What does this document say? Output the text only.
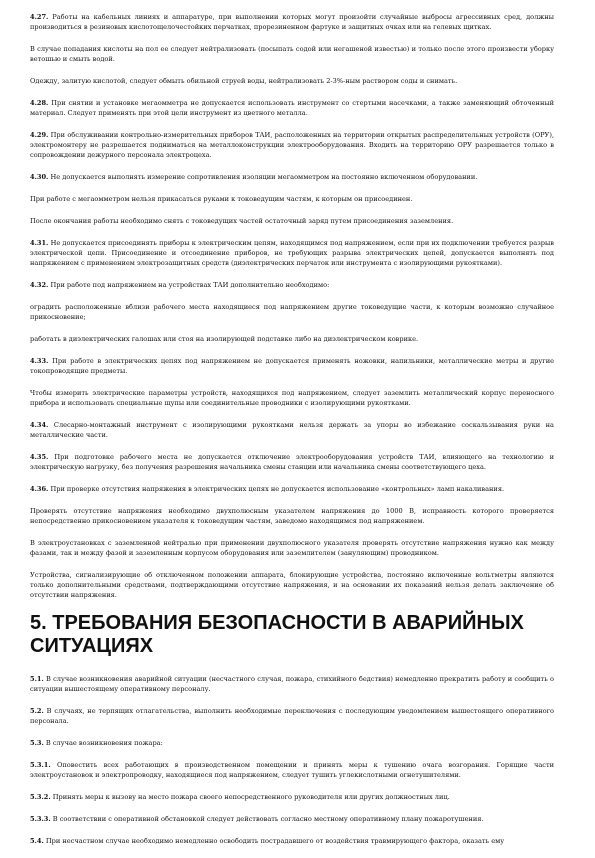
4.27. Работы на кабельных линиях и аппаратуре, при выполнении которых могут произойти случайные выбросы агрессивных сред, должны производиться в резиновых кислотощелочестойких перчатках, прорезиненном фартуке и защитных очках или на гелевых щитках.

В случае попадания кислоты на пол ее следует нейтрализовать (посыпать содой или негашеной известью) и только после этого произвести уборку ветошью и смыть водой.

Одежду, залитую кислотой, следует обмыть обильной струей воды, нейтрализовать 2-3%-ным раствором соды и снимать.

4.28. При снятии и установке мегаомметра не допускается использовать инструмент со стертыми насечками, а также заменяющий обточенный материал. Следует применять при этой цели инструмент из цветного металла.

4.29. При обслуживании контрольно-измерительных приборов ТАИ, расположенных на территории открытых распределительных устройств (ОРУ), электромонтеру не разрешается подниматься на металлоконструкции электрооборудования. Входить на территорию ОРУ разрешается только в сопровождении дежурного персонала электроцеха.

4.30. Не допускается выполнять измерение сопротивления изоляции мегаомметром на постоянно включенном оборудовании.

При работе с мегаомметром нельзя прикасаться руками к токоведущим частям, к которым он присоединен.

После окончания работы необходимо снять с токоведущих частей остаточный заряд путем присоединения заземления.

4.31. Не допускается присоединять приборы к электрическим цепям, находящимся под напряжением, если при их подключении требуется разрыв электрической цепи. Присоединение и отсоединение приборов, не требующих разрыва электрических цепей, допускается выполнять под напряжением с применением электрозащитных средств (диэлектрических перчаток или инструмента с изолирующими рукоятками).

4.32. При работе под напряжением на устройствах ТАИ дополнительно необходимо:

оградить расположенные вблизи рабочего места находящиеся под напряжением другие токоведущие части, к которым возможно случайное прикосновение;

работать в диэлектрических галошах или стоя на изолирующей подставке либо на диэлектрическом коврике.

4.33. При работе в электрических цепях под напряжением не допускается применять ножовки, напильники, металлические метры и другие токопроводящие предметы.

Чтобы измерить электрические параметры устройств, находящихся под напряжением, следует заземлить металлический корпус переносного прибора и использовать специальные щупы или соединительные проводники с изолирующими рукоятками.

4.34. Слесарно-монтажный инструмент с изолирующими рукоятками нельзя держать за упоры во избежание соскальзывания руки на металлические части.

4.35. При подготовке рабочего места не допускается отключение электрооборудования устройств ТАИ, влияющего на технологию и электрическую нагрузку, без получения разрешения начальника смены станции или начальника смены соответствующего цеха.

4.36. При проверке отсутствия напряжения в электрических цепях не допускается использование «контрольных» ламп накаливания.

Проверять отсутствие напряжения необходимо двухполюсным указателем напряжения до 1000 В, исправность которого проверяется непосредственно прикосновением указателя к токоведущим частям, заведомо находящимся под напряжением.

В электроустановках с заземленной нейтралью при применении двухполюсного указателя проверять отсутствие напряжения нужно как между фазами, так и между фазой и заземленным корпусом оборудования или заземлителем (зануляющим) проводником.

Устройства, сигнализирующие об отключенном положении аппарата, блокирующие устройства, постоянно включенные вольтметры являются только дополнительными средствами, подтверждающими отсутствие напряжения, и на основании их показаний нельзя делать заключение об отсутствии напряжения.

5. ТРЕБОВАНИЯ БЕЗОПАСНОСТИ В АВАРИЙНЫХ СИТУАЦИЯХ

5.1. В случае возникновения аварийной ситуации (несчастного случая, пожара, стихийного бедствия) немедленно прекратить работу и сообщить о ситуации вышестоящему оперативному персоналу.

5.2. В случаях, не терпящих отлагательства, выполнить необходимые переключения с последующим уведомлением вышестоящего оперативного персонала.

5.3. В случае возникновения пожара:

5.3.1. Оповестить всех работающих в производственном помещении и принять меры к тушению очага возгорания. Горящие части электроустановок и электропроводку, находящиеся под напряжением, следует тушить углекислотными огнетушителями.

5.3.2. Принять меры к вызову на место пожара своего непосредственного руководителя или других должностных лиц.

5.3.3. В соответствии с оперативной обстановкой следует действовать согласно местному оперативному плану пожаротушения.

5.4. При несчастном случае необходимо немедленно освободить пострадавшего от воздействия травмирующего фактора, оказать ему
